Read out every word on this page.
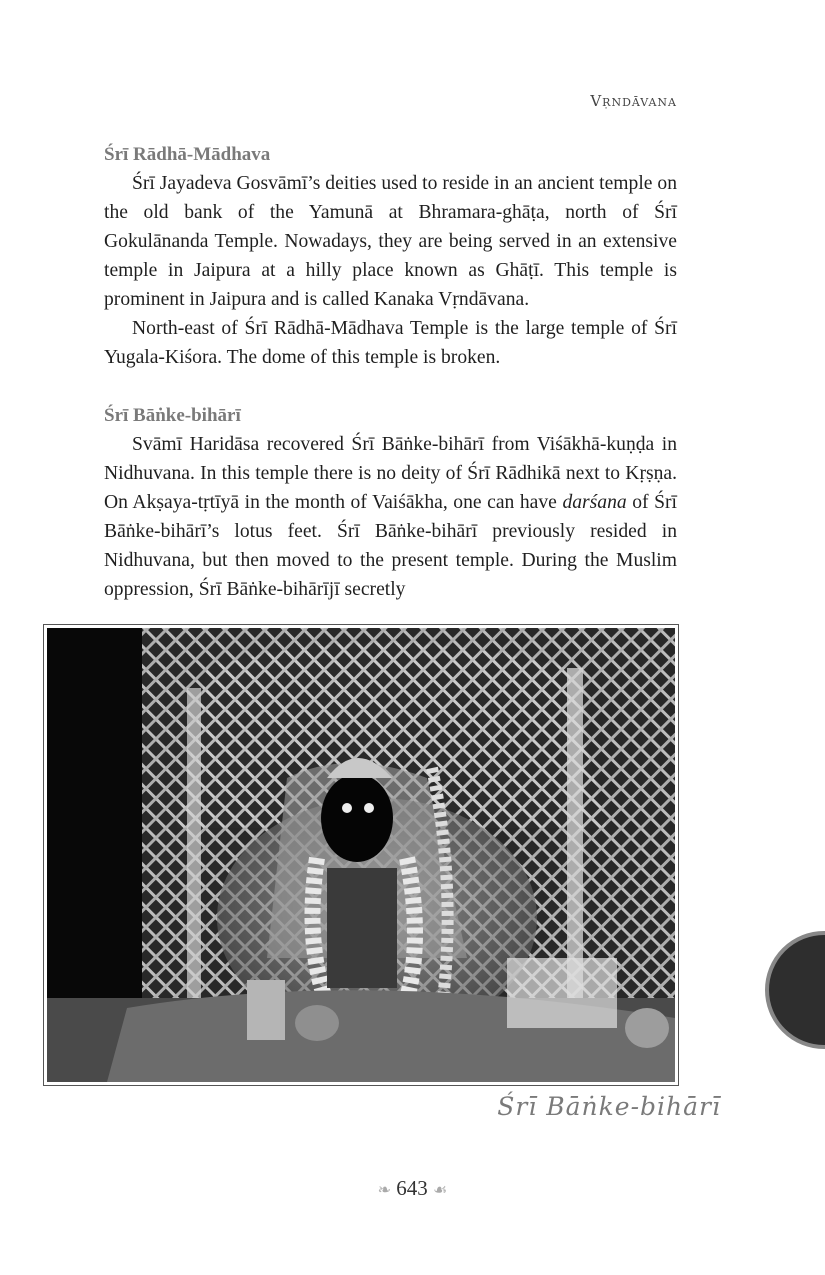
Vṛndāvana
Śrī Rādhā-Mādhava

Śrī Jayadeva Gosvāmī’s deities used to reside in an ancient temple on the old bank of the Yamunā at Bhramara-ghāṭa, north of Śrī Gokulānanda Temple. Nowadays, they are being served in an extensive temple in Jaipura at a hilly place known as Ghāṭī. This temple is prominent in Jaipura and is called Kanaka Vṛndāvana.

North-east of Śrī Rādhā-Mādhava Temple is the large temple of Śrī Yugala-Kiśora. The dome of this temple is broken.

Śrī Bāṅke-bihārī

Svāmī Haridāsa recovered Śrī Bāṅke-bihārī from Viśākhā-kuṇḍa in Nidhuvana. In this temple there is no deity of Śrī Rādhikā next to Kṛṣṇa. On Akṣaya-tṛtīyā in the month of Vaiśākha, one can have darśana of Śrī Bāṅke-bihārī’s lotus feet. Śrī Bāṅke-bihārī previously resided in Nidhuvana, but then moved to the present temple. During the Muslim oppression, Śrī Bāṅke-bihārījī secretly

Śrī Bāṅke-bihārī
❧ 643 ☙
